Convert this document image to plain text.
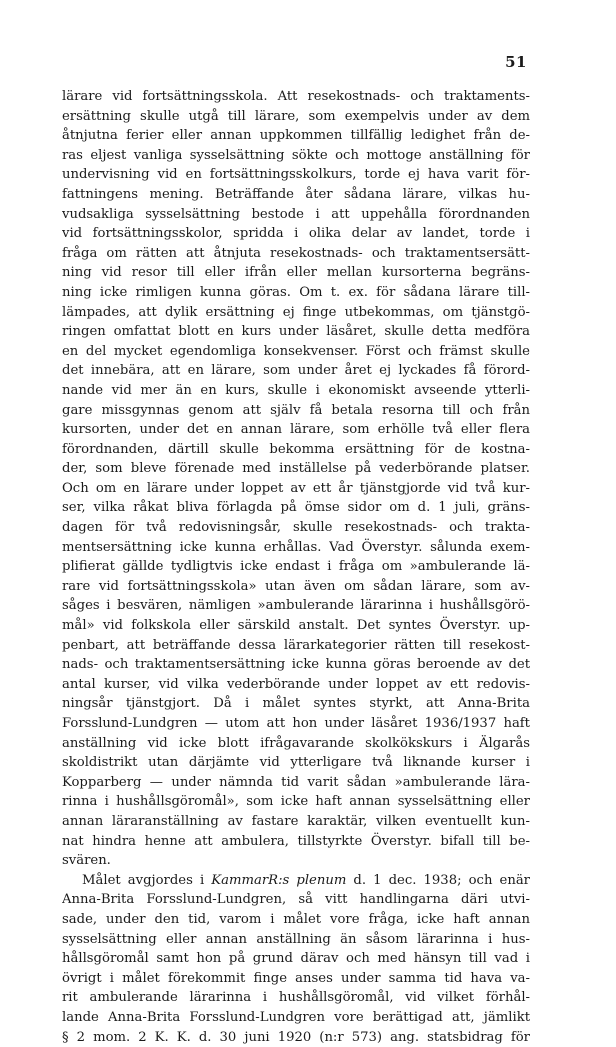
51
lärare vid fortsättningsskola. Att resekostnads- och traktaments-
ersättning skulle utgå till lärare, som exempelvis under av dem
åtnjutna ferier eller annan uppkommen tillfällig ledighet från de-
ras eljest vanliga sysselsättning sökte och mottoge anställning för
undervisning vid en fortsättningsskolkurs, torde ej hava varit för-
fattningens mening. Beträffande åter sådana lärare, vilkas hu-
vudsakliga sysselsättning bestode i att uppehålla förordnanden
vid fortsättningsskolor, spridda i olika delar av landet, torde i
fråga om rätten att åtnjuta resekostnads- och traktamentsersätt-
ning vid resor till eller ifrån eller mellan kursorterna begräns-
ning icke rimligen kunna göras. Om t. ex. för sådana lärare till-
lämpades, att dylik ersättning ej finge utbekommas, om tjänstgö-
ringen omfattat blott en kurs under läsåret, skulle detta medföra
en del mycket egendomliga konsekvenser. Först och främst skulle
det innebära, att en lärare, som under året ej lyckades få förord-
nande vid mer än en kurs, skulle i ekonomiskt avseende ytterli-
gare missgynnas genom att själv få betala resorna till och från
kursorten, under det en annan lärare, som erhölle två eller flera
förordnanden, därtill skulle bekomma ersättning för de kostna-
der, som bleve förenade med inställelse på vederbörande platser.
Och om en lärare under loppet av ett år tjänstgjorde vid två kur-
ser, vilka råkat bliva förlagda på ömse sidor om d. 1 juli, gräns-
dagen för två redovisningsår, skulle resekostnads- och trakta-
mentsersättning icke kunna erhållas. Vad Överstyr. sålunda exem-
plifierat gällde tydligtvis icke endast i fråga om »ambulerande lä-
rare vid fortsättningsskola» utan även om sådan lärare, som av-
såges i besvären, nämligen »ambulerande lärarinna i hushållsgörö-
mål» vid folkskola eller särskild anstalt. Det syntes Överstyr. up-
penbart, att beträffande dessa lärarkategorier rätten till resekost-
nads- och traktamentsersättning icke kunna göras beroende av det
antal kurser, vid vilka vederbörande under loppet av ett redovis-
ningsår tjänstgjort. Då i målet syntes styrkt, att Anna-Brita
Forsslund-Lundgren — utom att hon under läsåret 1936/1937 haft
anställning vid icke blott ifrågavarande skolkökskurs i Älgarås
skoldistrikt utan därjämte vid ytterligare två liknande kurser i
Kopparberg — under nämnda tid varit sådan »ambulerande lära-
rinna i hushållsgöromål», som icke haft annan sysselsättning eller
annan läraranställning av fastare karaktär, vilken eventuellt kun-
nat hindra henne att ambulera, tillstyrkte Överstyr. bifall till be-
svären.
Målet avgjordes i KammarR:s plenum d. 1 dec. 1938; och enär
Anna-Brita Forsslund-Lundgren, så vitt handlingarna däri utvi-
sade, under den tid, varom i målet vore fråga, icke haft annan
sysselsättning eller annan anställning än såsom lärarinna i hus-
hållsgöromål samt hon på grund därav och med hänsyn till vad i
övrigt i målet förekommit finge anses under samma tid hava va-
rit ambulerande lärarinna i hushållsgöromål, vid vilket förhål-
lande Anna-Brita Forsslund-Lundgren vore berättigad att, jämlikt
§ 2 mom. 2 K. K. d. 30 juni 1920 (n:r 573) ang. statsbidrag för
